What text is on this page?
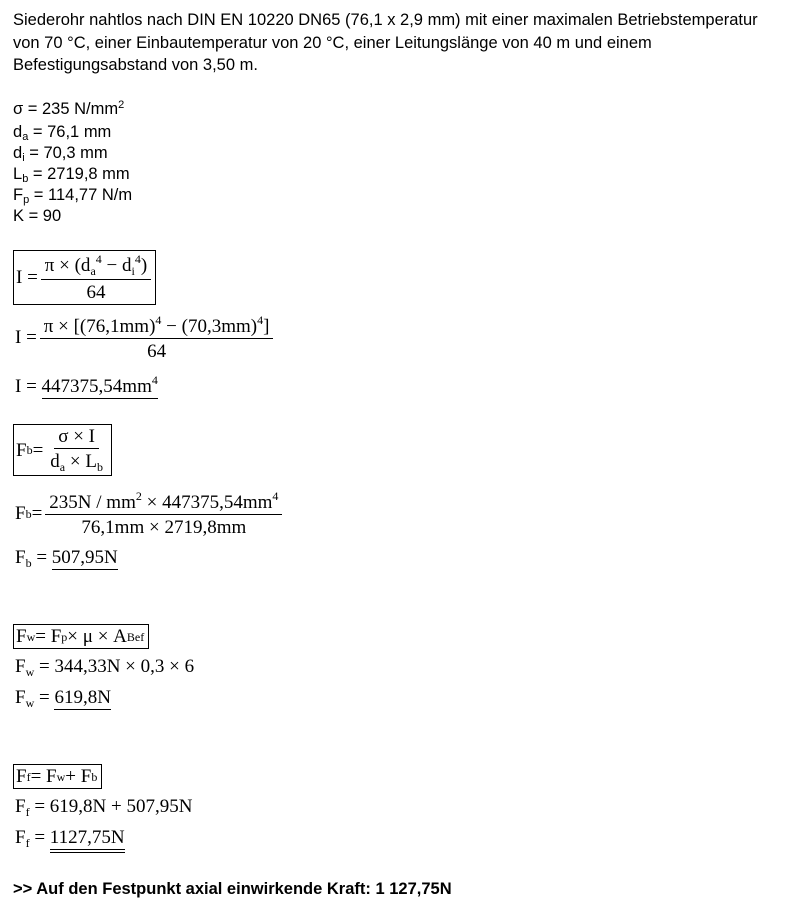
Siederohr nahtlos nach DIN EN 10220 DN65 (76,1 x 2,9 mm) mit einer maximalen Betriebstemperatur von 70 °C, einer Einbautemperatur von 20 °C, einer Leitungslänge von 40 m und einem Befestigungsabstand von 3,50 m.
σ = 235 $N/mm^2$
$d_a = 76,1$ mm
$d_i = 70,3$ mm
$L_b = 2719,8$ mm
$F_p = 114,77$ N/m
K = 90
$I = \frac{\pi \times (d_a^4 - d_i^4)}{64}$
$I = \frac{\pi \times [(76,1mm)^4 - (70,3mm)^4]}{64}$
$I = 447375,54mm^4$
F $b = \frac{\sigma \times I}{d_a \times L_b}$
F $b = \frac{235N / mm^2 \times 447375,54mm^4}{76,1mm \times 2719,8mm}$
$F_b = 507,95N$
F w = F p × μ × A Bef
$F_w = 344,33N \times 0,3 \times 6$
$F_w = 619,8N$
F f = F w + F b
$F_f = 619,8N + 507,95N$
$F_f = 1127,75N$
>> Auf den Festpunkt axial einwirkende Kraft: 1 127,75N
